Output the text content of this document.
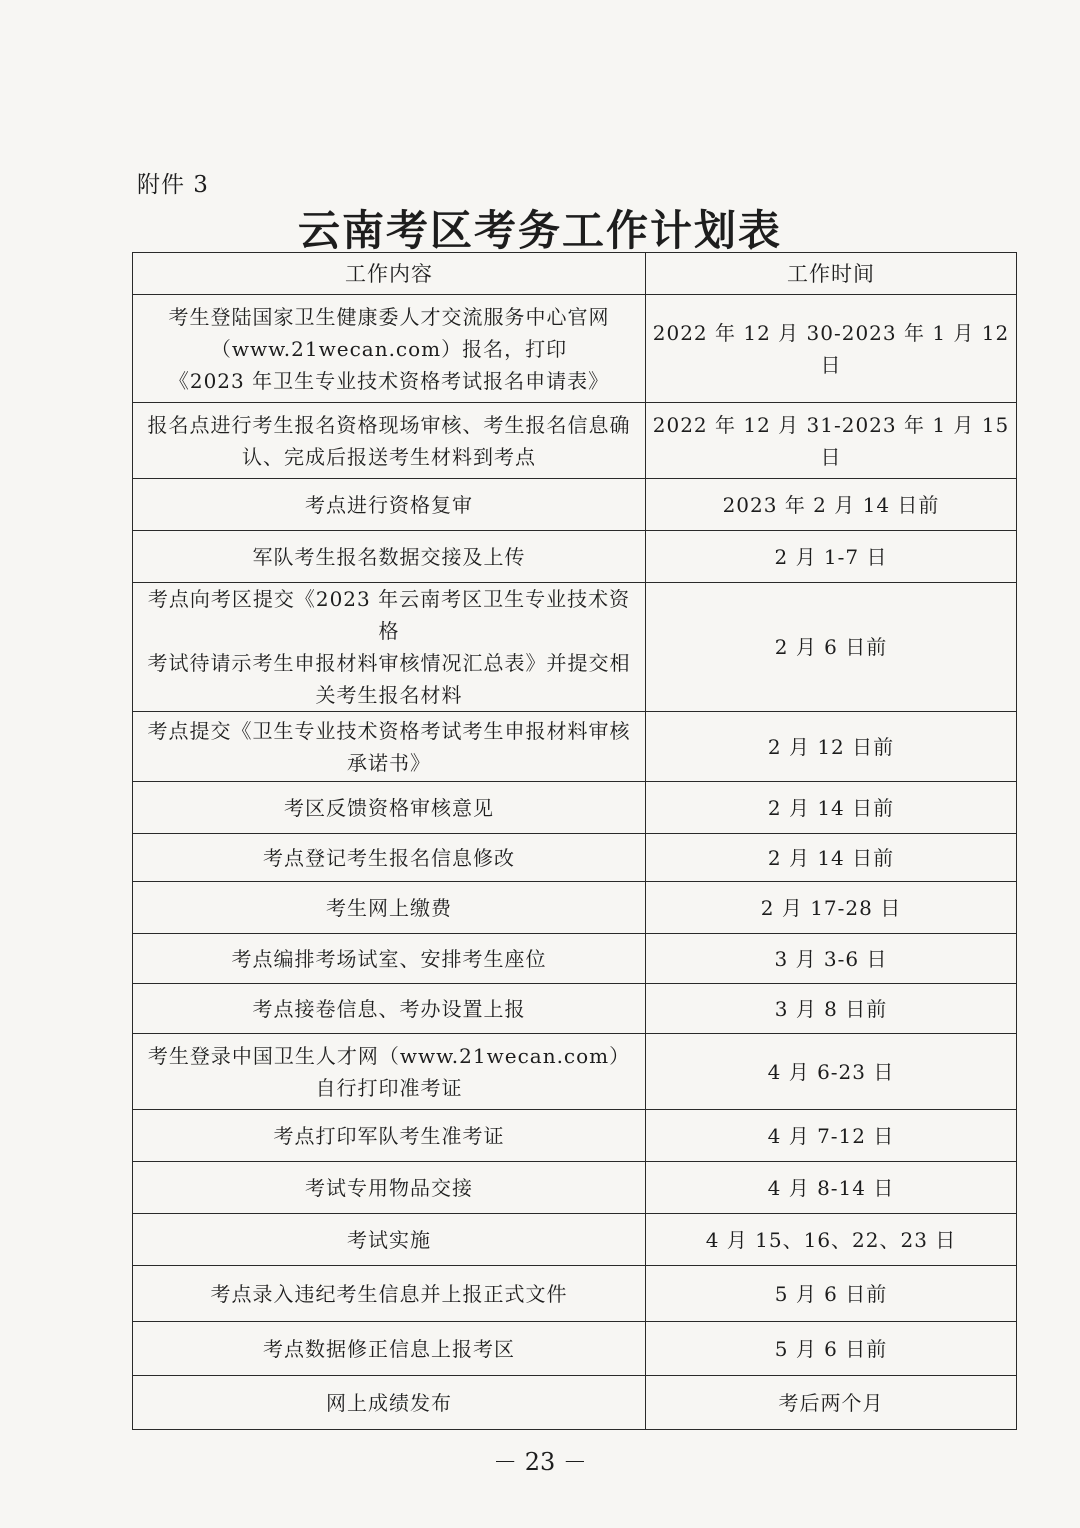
附件 3
云南考区考务工作计划表
工作内容	工作时间

考生登陆国家卫生健康委人才交流服务中心官网
（www.21wecan.com）报名，打印
《2023 年卫生专业技术资格考试报名申请表》	2022 年 12 月 30-2023 年 1 月 12 日

报名点进行考生报名资格现场审核、考生报名信息确
认、完成后报送考生材料到考点	2022 年 12 月 31-2023 年 1 月 15 日

考点进行资格复审	2023 年 2 月 14 日前

军队考生报名数据交接及上传	2 月 1-7 日

考点向考区提交《2023 年云南考区卫生专业技术资格
考试待请示考生申报材料审核情况汇总表》并提交相
关考生报名材料	2 月 6 日前

考点提交《卫生专业技术资格考试考生申报材料审核
承诺书》	2 月 12 日前

考区反馈资格审核意见	2 月 14 日前

考点登记考生报名信息修改	2 月 14 日前

考生网上缴费	2 月 17-28 日

考点编排考场试室、安排考生座位	3 月 3-6 日

考点接卷信息、考办设置上报	3 月 8 日前

考生登录中国卫生人才网（www.21wecan.com）
自行打印准考证	4 月 6-23 日

考点打印军队考生准考证	4 月 7-12 日

考试专用物品交接	4 月 8-14 日

考试实施	4 月 15、16、22、23 日

考点录入违纪考生信息并上报正式文件	5 月 6 日前

考点数据修正信息上报考区	5 月 6 日前

网上成绩发布	考后两个月
－ 23 －
